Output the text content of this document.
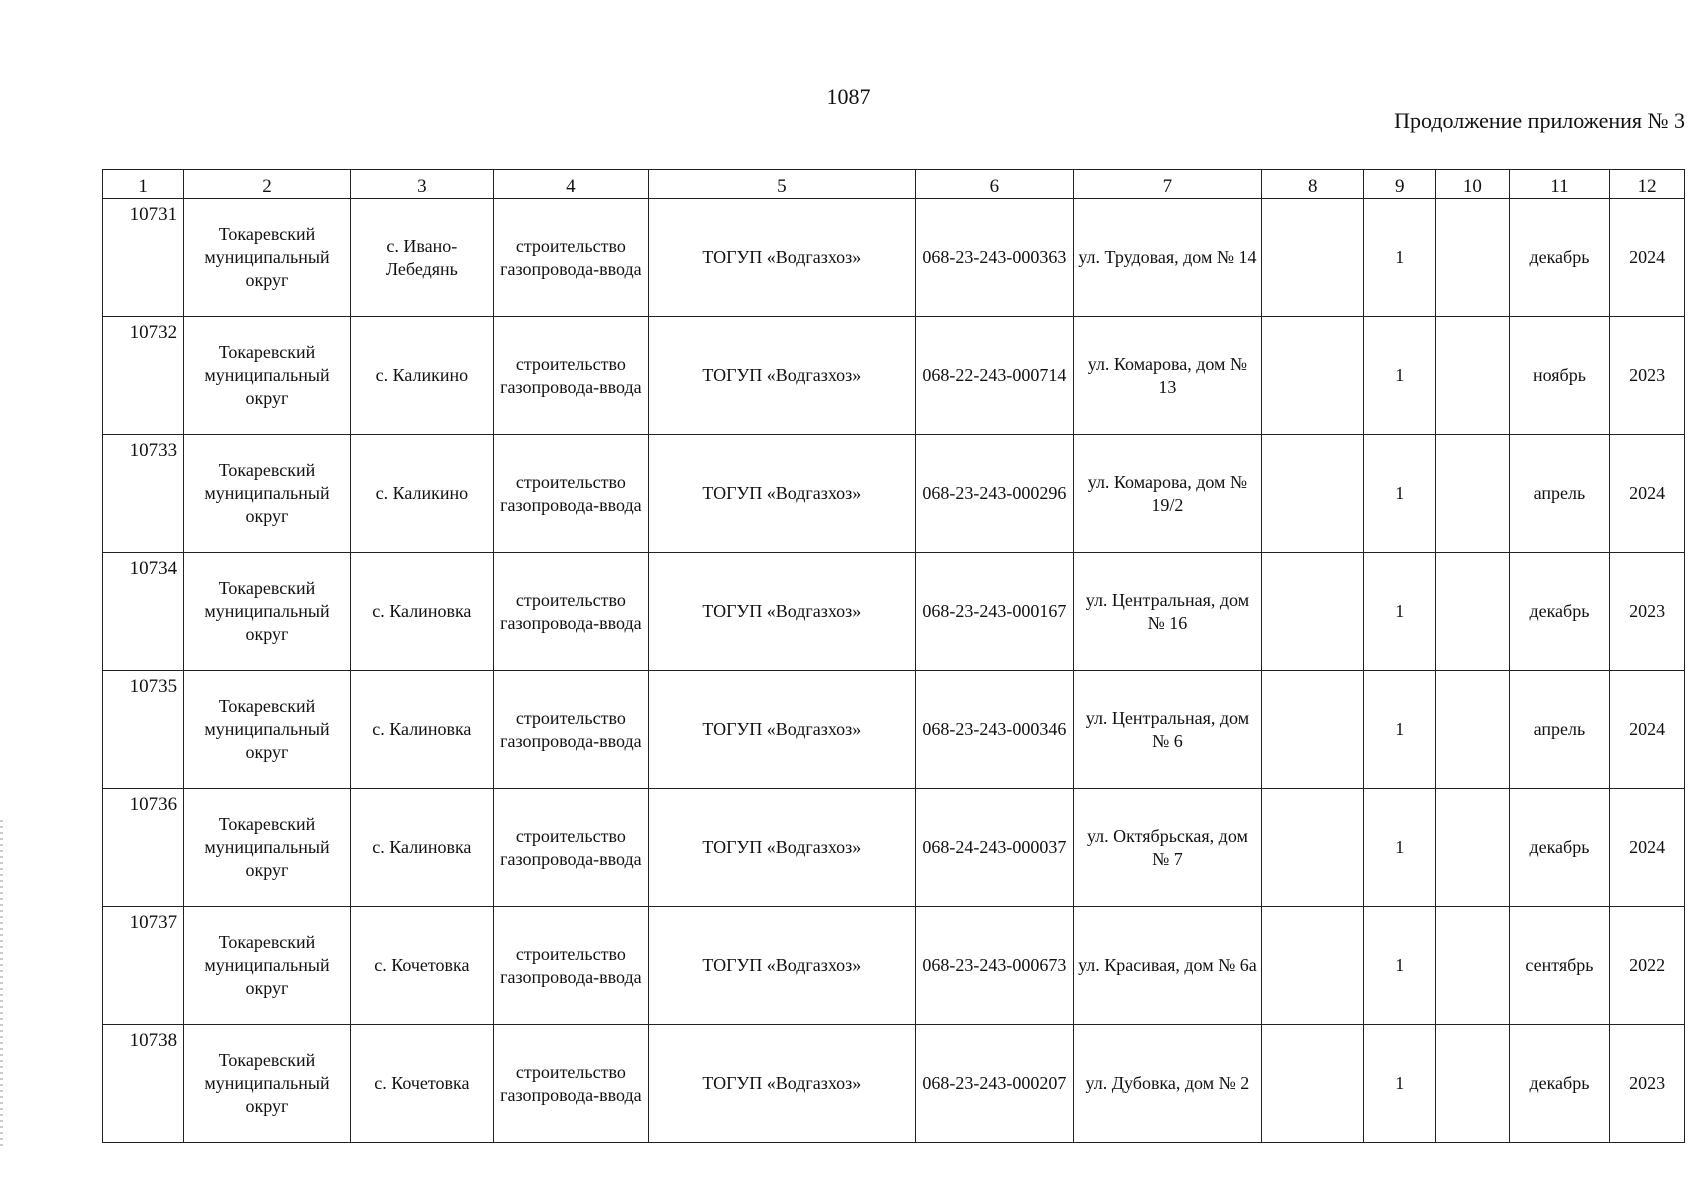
1087
Продолжение приложения № 3
1	2	3	4	5	6	7	8	9	10	11	12
10731	Токаревский муниципальный округ	с. Ивано-Лебедянь	строительство газопровода-ввода	ТОГУП «Водгазхоз»	068-23-243-000363	ул. Трудовая, дом № 14		1		декабрь	2024
10732	Токаревский муниципальный округ	с. Каликино	строительство газопровода-ввода	ТОГУП «Водгазхоз»	068-22-243-000714	ул. Комарова, дом № 13		1		ноябрь	2023
10733	Токаревский муниципальный округ	с. Каликино	строительство газопровода-ввода	ТОГУП «Водгазхоз»	068-23-243-000296	ул. Комарова, дом № 19/2		1		апрель	2024
10734	Токаревский муниципальный округ	с. Калиновка	строительство газопровода-ввода	ТОГУП «Водгазхоз»	068-23-243-000167	ул. Центральная, дом № 16		1		декабрь	2023
10735	Токаревский муниципальный округ	с. Калиновка	строительство газопровода-ввода	ТОГУП «Водгазхоз»	068-23-243-000346	ул. Центральная, дом № 6		1		апрель	2024
10736	Токаревский муниципальный округ	с. Калиновка	строительство газопровода-ввода	ТОГУП «Водгазхоз»	068-24-243-000037	ул. Октябрьская, дом № 7		1		декабрь	2024
10737	Токаревский муниципальный округ	с. Кочетовка	строительство газопровода-ввода	ТОГУП «Водгазхоз»	068-23-243-000673	ул. Красивая, дом № 6а		1		сентябрь	2022
10738	Токаревский муниципальный округ	с. Кочетовка	строительство газопровода-ввода	ТОГУП «Водгазхоз»	068-23-243-000207	ул. Дубовка, дом № 2		1		декабрь	2023
